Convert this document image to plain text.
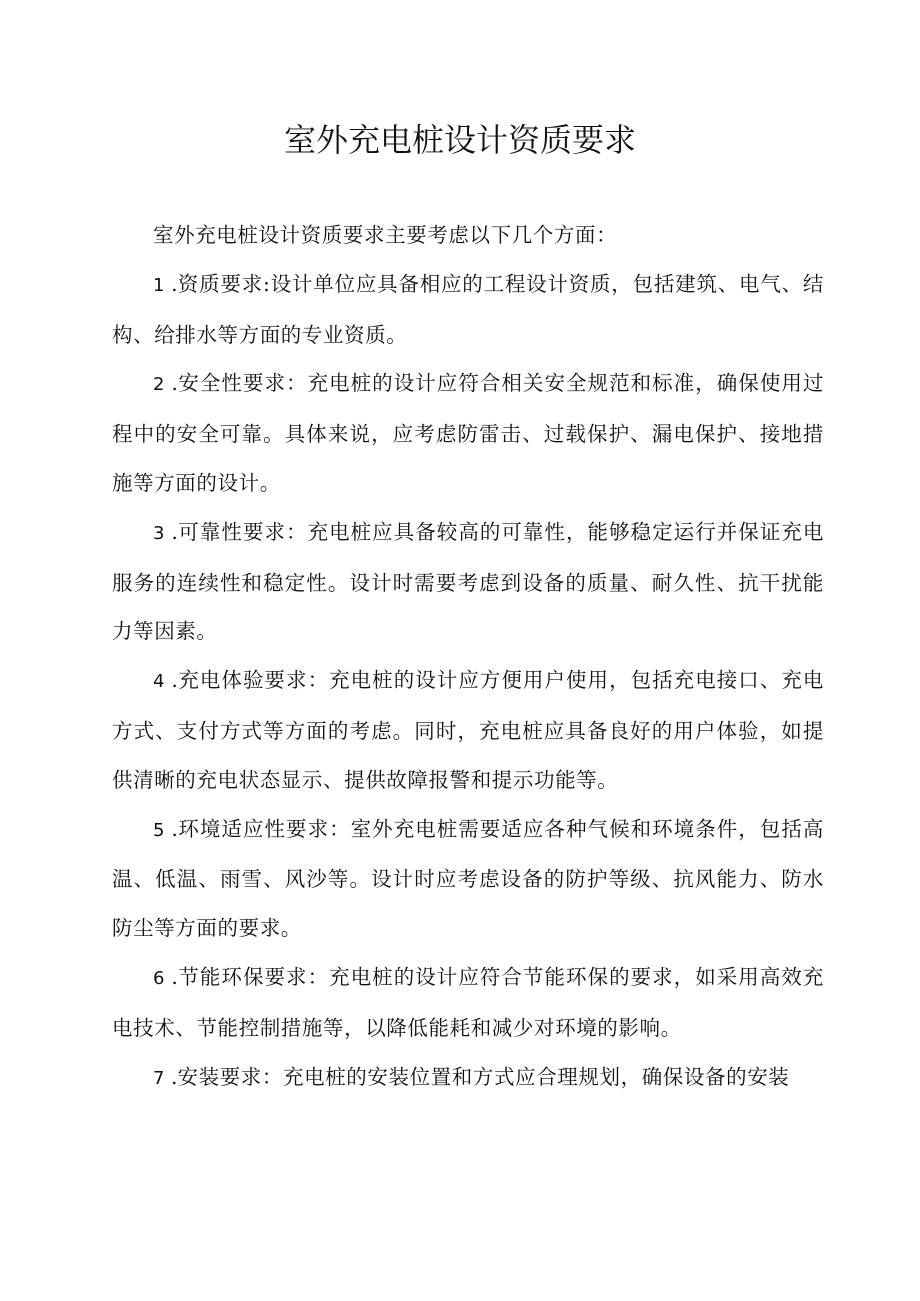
室外充电桩设计资质要求

室外充电桩设计资质要求主要考虑以下几个方面：

1 .资质要求:设计单位应具备相应的工程设计资质，包括建筑、电气、结构、给排水等方面的专业资质。

2 .安全性要求：充电桩的设计应符合相关安全规范和标准，确保使用过程中的安全可靠。具体来说，应考虑防雷击、过载保护、漏电保护、接地措施等方面的设计。

3 .可靠性要求：充电桩应具备较高的可靠性，能够稳定运行并保证充电服务的连续性和稳定性。设计时需要考虑到设备的质量、耐久性、抗干扰能力等因素。

4 .充电体验要求：充电桩的设计应方便用户使用，包括充电接口、充电方式、支付方式等方面的考虑。同时，充电桩应具备良好的用户体验，如提供清晰的充电状态显示、提供故障报警和提示功能等。

5 .环境适应性要求：室外充电桩需要适应各种气候和环境条件，包括高温、低温、雨雪、风沙等。设计时应考虑设备的防护等级、抗风能力、防水防尘等方面的要求。

6 .节能环保要求：充电桩的设计应符合节能环保的要求，如采用高效充电技术、节能控制措施等，以降低能耗和减少对环境的影响。

7 .安装要求：充电桩的安装位置和方式应合理规划，确保设备的安装
